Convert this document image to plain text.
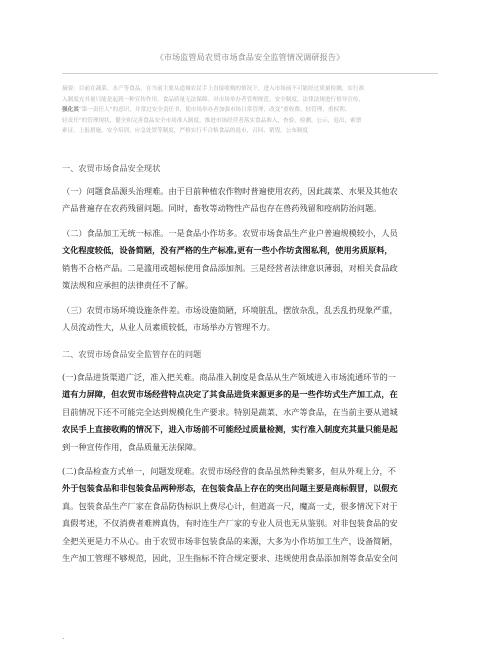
《市场监管局农贸市场食品安全监管情况调研报告》
摘要：目前在蔬菜、水产等食品，在当前主要从道城农民手上直接收购的情况下，进入市场前不可能经过质量检测，实行准
入制度充其量只能是起到一种宣传作用，食品质量无法保障。对市场举办者管理规范，安全制度，法律法规进行督导宣传，
强化其“第一责任人”的意识，并常过安全责任书，使市场举办者加强市场日常管理，改变“重收费、轻管理，重权利、
轻责任”的管理现状，健全和完善食品安全市场准入制度，推进市场经营者落实食品准入，查验，检测，公示，退出，索票
索证，上报措施，安全培训，应急处置等制度，严格实行不合格食品的退市，召回，销毁，公布制度
一、农贸市场食品安全现状
（一）问题食品源头治理难。由于目前种植农作物时普遍使用农药，因此蔬菜、水果及其他农
产品普遍存在农药残留问题。同时，畜牧等动物性产品也存在兽药残留和疫病防治问题。
（二）食品加工无统一标准。一是食品小作坊多。农贸市场食品生产业户普遍规模较小，人员
文化程度较低，设备简陋，没有严格的生产标准,更有一些小作坊贪图私利，使用劣质原料，
销售不合格产品。二是滥用或超标使用食品添加剂。三是经营者法律意识薄弱，对相关食品政
策法规和应承担的法律责任不了解。
（三）农贸市场环境设施条件差。市场设施简陋，环境脏乱，摆放杂乱，乱丢乱扔现象严重，
人员流动性大，从业人员素质较低，市场举办方管理不力。
二、农贸市场食品安全监管存在的问题
(一)食品进货渠道广泛，准入把关难。商品准入制度是食品从生产领域进入市场流通环节的一
道有力屏障，但农贸市场经营特点决定了其食品进货来源更多的是一些作坊式生产加工点，在
目前情况下还不可能完全达到规模化生产要求。特别是蔬菜、水产等食品，在当前主要从道城
农民手上直接收购的情况下，进入市场前不可能经过质量检测，实行准入制度充其量只能是起
到一种宣传作用，食品质量无法保障。
(二)食品检查方式单一，问题发现难。农贸市场经营的食品虽然种类繁多，但从外观上分，不
外于包装食品和非包装食品两种形态，在包装食品上存在的突出问题主要是商标假冒，以假充
真。包装食品生产厂家在食品防伪标识上费尽心计，但道高一尺，魔高一丈，很多情况下对于
真假考述，不仅消费者难辨真伪，有时连生产厂家的专业人员也无从鉴别。对非包装食品的安
全把关更是力不从心。由于农贸市场非包装食品的来源，大多为小作坊加工生产，设备简陋，
生产加工管理不够规范，因此，卫生指标不符合规定要求、违规使用食品添加剂等食品安全问
.
